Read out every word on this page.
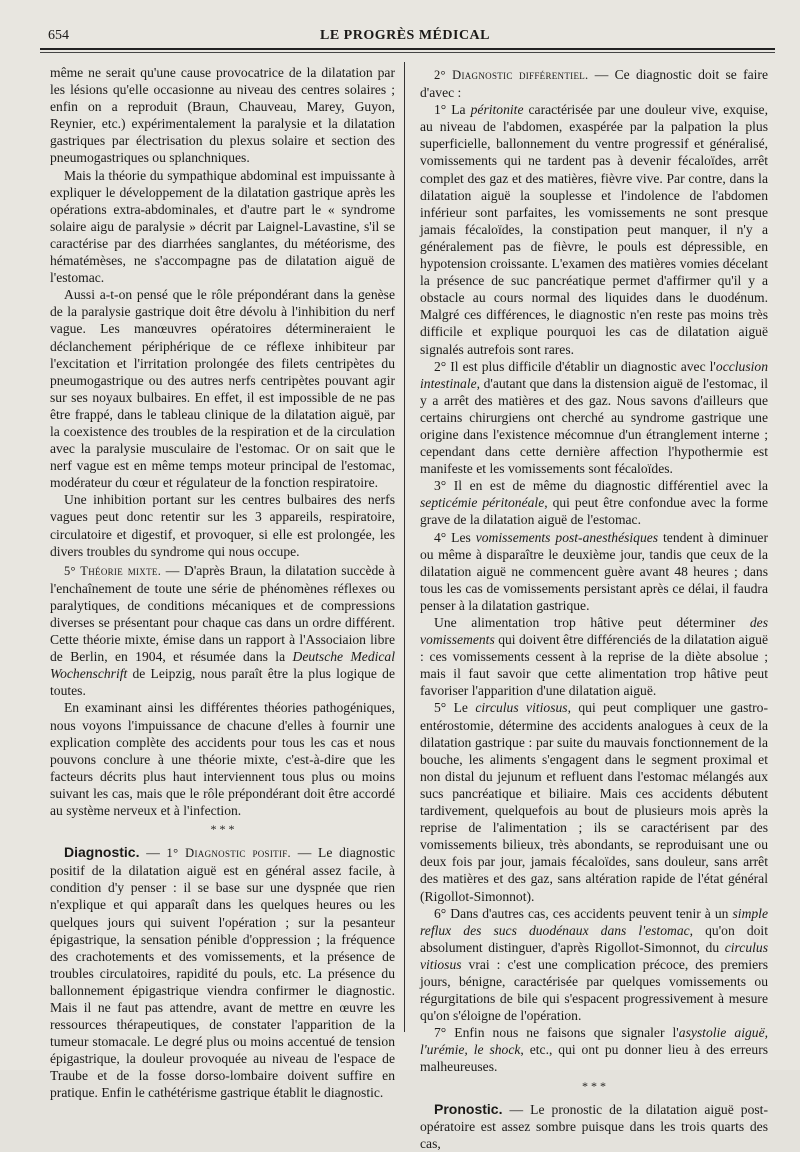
654	LE PROGRÈS MÉDICAL

même ne serait qu'une cause provocatrice de la dilatation par les lésions qu'elle occasionne au niveau des centres solaires ; enfin on a reproduit (Braun, Chauveau, Marey, Guyon, Reynier, etc.) expérimentalement la paralysie et la dilatation gastriques par électrisation du plexus solaire et section des pneumogastriques ou splanchniques.

Mais la théorie du sympathique abdominal est impuissante à expliquer le développement de la dilatation gastrique après les opérations extra-abdominales, et d'autre part le « syndrome solaire aigu de paralysie » décrit par Laignel-Lavastine, s'il se caractérise par des diarrhées sanglantes, du météorisme, des hématémèses, ne s'accompagne pas de dilatation aiguë de l'estomac.

Aussi a-t-on pensé que le rôle prépondérant dans la genèse de la paralysie gastrique doit être dévolu à l'inhibition du nerf vague. Les manœuvres opératoires détermineraient le déclanchement périphérique de ce réflexe inhibiteur par l'excitation et l'irritation prolongée des filets centripètes du pneumogastrique ou des autres nerfs centripètes pouvant agir sur ses noyaux bulbaires. En effet, il est impossible de ne pas être frappé, dans le tableau clinique de la dilatation aiguë, par la coexistence des troubles de la respiration et de la circulation avec la paralysie musculaire de l'estomac. Or on sait que le nerf vague est en même temps moteur principal de l'estomac, modérateur du cœur et régulateur de la fonction respiratoire.

Une inhibition portant sur les centres bulbaires des nerfs vagues peut donc retentir sur les 3 appareils, respiratoire, circulatoire et digestif, et provoquer, si elle est prolongée, les divers troubles du syndrome qui nous occupe.

5° Théorie mixte. — D'après Braun, la dilatation succède à l'enchaînement de toute une série de phénomènes réflexes ou paralytiques, de conditions mécaniques et de compressions diverses se présentant pour chaque cas dans un ordre différent. Cette théorie mixte, émise dans un rapport à l'Associaion libre de Berlin, en 1904, et résumée dans la Deutsche Medical Wochenschrift de Leipzig, nous paraît être la plus logique de toutes.

En examinant ainsi les différentes théories pathogéniques, nous voyons l'impuissance de chacune d'elles à fournir une explication complète des accidents pour tous les cas et nous pouvons conclure à une théorie mixte, c'est-à-dire que les facteurs décrits plus haut interviennent tous plus ou moins suivant les cas, mais que le rôle prépondérant doit être accordé au système nerveux et à l'infection.

* * *

Diagnostic. — 1° Diagnostic positif. — Le diagnostic positif de la dilatation aiguë est en général assez facile, à condition d'y penser : il se base sur une dyspnée que rien n'explique et qui apparaît dans les quelques heures ou les quelques jours qui suivent l'opération ; sur la pesanteur épigastrique, la sensation pénible d'oppression ; la fréquence des crachotements et des vomissements, et la présence de troubles circulatoires, rapidité du pouls, etc. La présence du ballonnement épigastrique viendra confirmer le diagnostic. Mais il ne faut pas attendre, avant de mettre en œuvre les ressources thérapeutiques, de constater l'apparition de la tumeur stomacale. Le degré plus ou moins accentué de tension épigastrique, la douleur provoquée au niveau de l'espace de Traube et de la fosse dorso-lombaire doivent suffire en pratique. Enfin le cathétérisme gastrique établit le diagnostic.

2° Diagnostic différentiel. — Ce diagnostic doit se faire d'avec :

1° La péritonite caractérisée par une douleur vive, exquise, au niveau de l'abdomen, exaspérée par la palpation la plus superficielle, ballonnement du ventre progressif et généralisé, vomissements qui ne tardent pas à devenir fécaloïdes, arrêt complet des gaz et des matières, fièvre vive. Par contre, dans la dilatation aiguë la souplesse et l'indolence de l'abdomen inférieur sont parfaites, les vomissements ne sont presque jamais fécaloïdes, la constipation peut manquer, il n'y a généralement pas de fièvre, le pouls est dépressible, en hypotension croissante. L'examen des matières vomies décelant la présence de suc pancréatique permet d'affirmer qu'il y a obstacle au cours normal des liquides dans le duodénum. Malgré ces différences, le diagnostic n'en reste pas moins très difficile et explique pourquoi les cas de dilatation aiguë signalés autrefois sont rares.

2° Il est plus difficile d'établir un diagnostic avec l'occlusion intestinale, d'autant que dans la distension aiguë de l'estomac, il y a arrêt des matières et des gaz. Nous savons d'ailleurs que certains chirurgiens ont cherché au syndrome gastrique une origine dans l'existence mécomnue d'un étranglement interne ; cependant dans cette dernière affection l'hypothermie est manifeste et les vomissements sont fécaloïdes.

3° Il en est de même du diagnostic différentiel avec la septicémie péritonéale, qui peut être confondue avec la forme grave de la dilatation aiguë de l'estomac.

4° Les vomissements post-anesthésiques tendent à diminuer ou même à disparaître le deuxième jour, tandis que ceux de la dilatation aiguë ne commencent guère avant 48 heures ; dans tous les cas de vomissements persistant après ce délai, il faudra penser à la dilatation gastrique.

Une alimentation trop hâtive peut déterminer des vomissements qui doivent être différenciés de la dilatation aiguë : ces vomissements cessent à la reprise de la diète absolue ; mais il faut savoir que cette alimentation trop hâtive peut favoriser l'apparition d'une dilatation aiguë.

5° Le circulus vitiosus, qui peut compliquer une gastro-entérostomie, détermine des accidents analogues à ceux de la dilatation gastrique : par suite du mauvais fonctionnement de la bouche, les aliments s'engagent dans le segment proximal et non distal du jejunum et refluent dans l'estomac mélangés aux sucs pancréatique et biliaire. Mais ces accidents débutent tardivement, quelquefois au bout de plusieurs mois après la reprise de l'alimentation ; ils se caractérisent par des vomissements bilieux, très abondants, se reproduisant une ou deux fois par jour, jamais fécaloïdes, sans douleur, sans arrêt des matières et des gaz, sans altération rapide de l'état général (Rigollot-Simonnot).

6° Dans d'autres cas, ces accidents peuvent tenir à un simple reflux des sucs duodénaux dans l'estomac, qu'on doit absolument distinguer, d'après Rigollot-Simonnot, du circulus vitiosus vrai : c'est une complication précoce, des premiers jours, bénigne, caractérisée par quelques vomissements ou régurgitations de bile qui s'espacent progressivement à mesure qu'on s'éloigne de l'opération.

7° Enfin nous ne faisons que signaler l'asystolie aiguë, l'urémie, le shock, etc., qui ont pu donner lieu à des erreurs malheureuses.

* * *

Pronostic. — Le pronostic de la dilatation aiguë post-opératoire est assez sombre puisque dans les trois quarts des cas,
